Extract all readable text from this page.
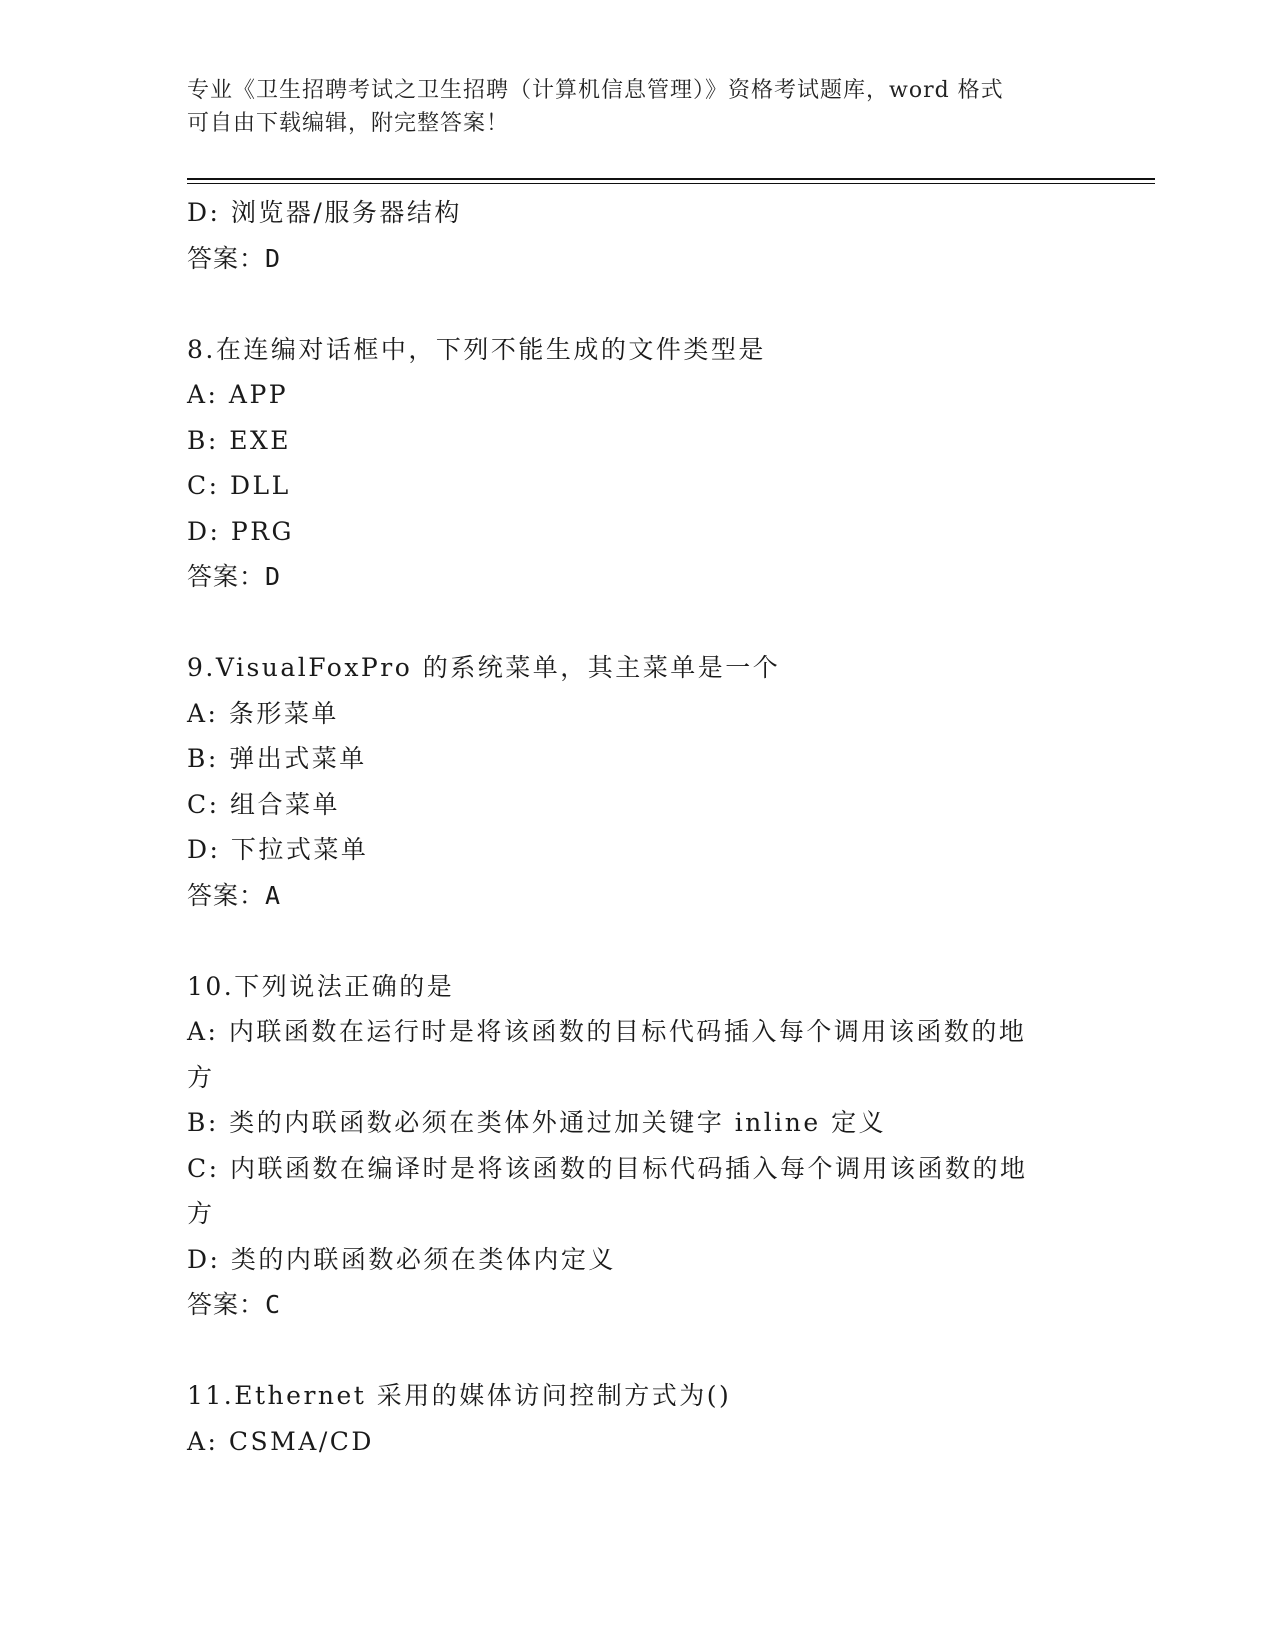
专业《卫生招聘考试之卫生招聘（计算机信息管理）》资格考试题库，word 格式
可自由下载编辑，附完整答案！
D: 浏览器/服务器结构
答案：D
8.在连编对话框中，下列不能生成的文件类型是
A: APP
B: EXE
C: DLL
D: PRG
答案：D
9.VisualFoxPro 的系统菜单，其主菜单是一个
A: 条形菜单
B: 弹出式菜单
C: 组合菜单
D: 下拉式菜单
答案：A
10.下列说法正确的是
A: 内联函数在运行时是将该函数的目标代码插入每个调用该函数的地
方
B: 类的内联函数必须在类体外通过加关键字 inline 定义
C: 内联函数在编译时是将该函数的目标代码插入每个调用该函数的地
方
D: 类的内联函数必须在类体内定义
答案：C
11.Ethernet 采用的媒体访问控制方式为()
A: CSMA/CD
